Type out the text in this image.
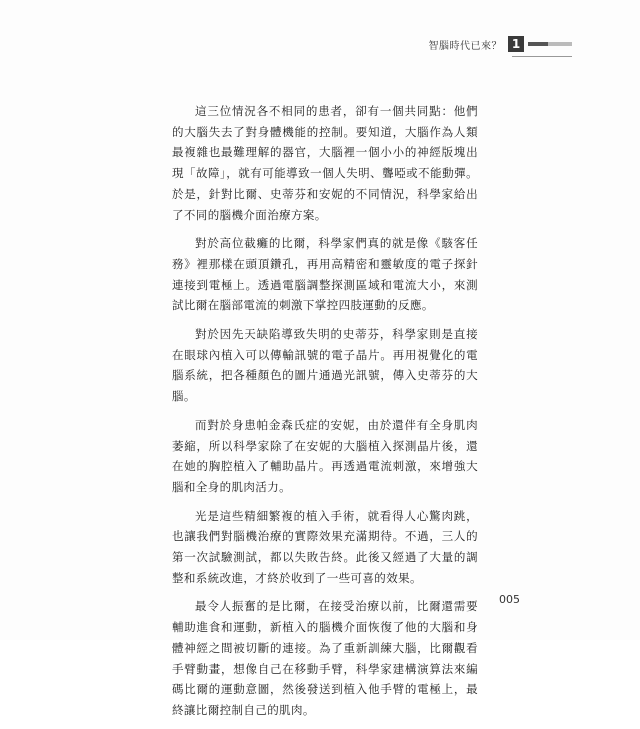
智腦時代已來？ 1

這三位情況各不相同的患者，卻有一個共同點：他們的大腦失去了對身體機能的控制。要知道，大腦作為人類最複雜也最難理解的器官，大腦裡一個小小的神經版塊出現「故障」，就有可能導致一個人失明、聾啞或不能動彈。於是，針對比爾、史蒂芬和安妮的不同情況，科學家給出了不同的腦機介面治療方案。

對於高位截癱的比爾，科學家們真的就是像《駭客任務》裡那樣在頭頂鑽孔，再用高精密和靈敏度的電子探針連接到電極上。透過電腦調整探測區域和電流大小，來測試比爾在腦部電流的刺激下掌控四肢運動的反應。

對於因先天缺陷導致失明的史蒂芬，科學家則是直接在眼球內植入可以傳輸訊號的電子晶片。再用視覺化的電腦系統，把各種顏色的圖片通過光訊號，傳入史蒂芬的大腦。

而對於身患帕金森氏症的安妮，由於還伴有全身肌肉萎縮，所以科學家除了在安妮的大腦植入探測晶片後，還在她的胸腔植入了輔助晶片。再透過電流刺激，來增強大腦和全身的肌肉活力。

光是這些精細繁複的植入手術，就看得人心驚肉跳，也讓我們對腦機治療的實際效果充滿期待。不過，三人的第一次試驗測試，都以失敗告終。此後又經過了大量的調整和系統改進，才終於收到了一些可喜的效果。

最令人振奮的是比爾，在接受治療以前，比爾還需要輔助進食和運動，新植入的腦機介面恢復了他的大腦和身體神經之間被切斷的連接。為了重新訓練大腦，比爾觀看手臂動畫，想像自己在移動手臂，科學家建構演算法來編碼比爾的運動意圖，然後發送到植入他手臂的電極上，最終讓比爾控制自己的肌肉。

005
